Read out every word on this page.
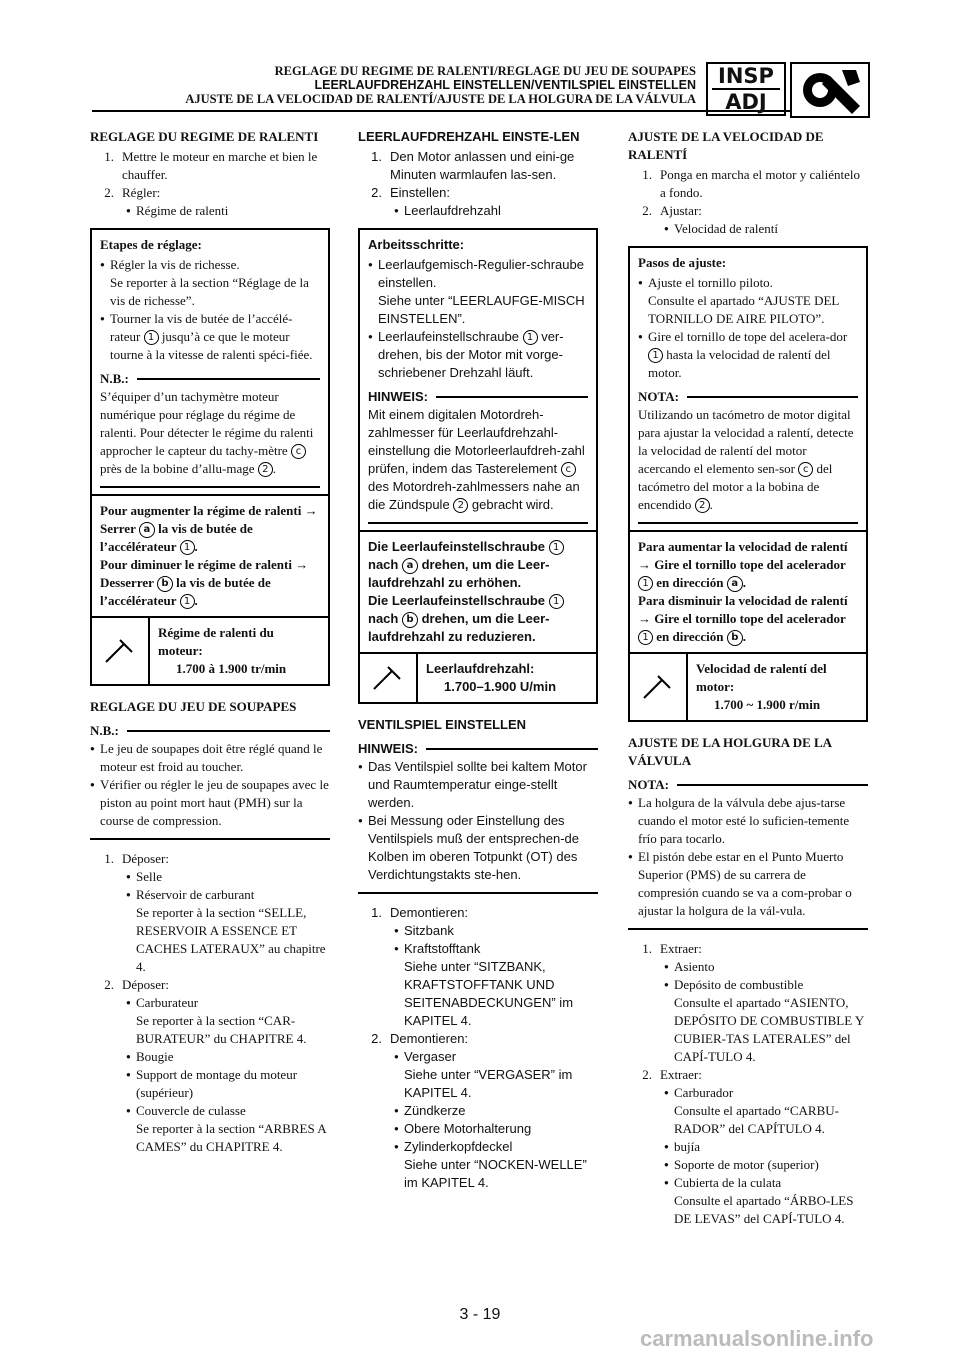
REGLAGE DU REGIME DE RALENTI/REGLAGE DU JEU DE SOUPAPES
LEERLAUFDREHZAHL EINSTELLEN/VENTILSPIEL EINSTELLEN
AJUSTE DE LA VELOCIDAD DE RALENTÍ/AJUSTE DE LA HOLGURA DE LA VÁLVULA
INSP
ADJ
REGLAGE DU REGIME DE RALENTI
1. Mettre le moteur en marche et bien le chauffer.
2. Régler:
●
Régime de ralenti
Etapes de réglage:
●
Régler la vis de richesse.
Se reporter à la section “Réglage de la vis de richesse”.
●
Tourner la vis de butée de l’accélé-rateur 1 jusqu’à ce que le moteur tourne à la vitesse de ralenti spéci-fiée.
N.B.:
S’équiper d’un tachymètre moteur numérique pour réglage du régime de ralenti. Pour détecter le régime du ralenti approcher le capteur du tachy-mètre c près de la bobine d’allu-mage 2 .
Pour augmenter la régime de ralenti → Serrer a la vis de butée de l’accélérateur 1 .
Pour diminuer le régime de ralenti → Desserrer b la vis de butée de l’accélérateur 1 .
Régime de ralenti du moteur:
1.700 à 1.900 tr/min
REGLAGE DU JEU DE SOUPAPES
N.B.:
● Le jeu de soupapes doit être réglé quand le moteur est froid au toucher.
● Vérifier ou régler le jeu de soupapes avec le piston au point mort haut (PMH) sur la course de compression.
1. Déposer:
●
Selle
●
Réservoir de carburant
Se reporter à la section “SELLE, RESERVOIR A ESSENCE ET CACHES LATERAUX” au chapitre 4.
2. Déposer:
●
Carburateur
Se reporter à la section “CAR-BURATEUR” du CHAPITRE 4.
●
Bougie
●
Support de montage du moteur (supérieur)
●
Couvercle de culasse
Se reporter à la section “ARBRES A CAMES” du CHAPITRE 4.
LEERLAUFDREHZAHL EINSTE-LEN
1. Den Motor anlassen und eini-ge Minuten warmlaufen las-sen.
2. Einstellen:
●
Leerlaufdrehzahl
Arbeitsschritte:
●
Leerlaufgemisch-Regulier-schraube einstellen.
Siehe unter “LEERLAUFGE-MISCH EINSTELLEN”.
●
Leerlaufeinstellschraube 1 ver-drehen, bis der Motor mit vorge-schriebener Drehzahl läuft.
HINWEIS:
Mit einem digitalen Motordreh-zahlmesser für Leerlaufdrehzahl-einstellung die Motorleerlaufdreh-zahl prüfen, indem das Tasterelement c des Motordreh-zahlmessers nahe an die Zündspule 2 gebracht wird.
Die Leerlaufeinstellschraube 1 nach a drehen, um die Leer-laufdrehzahl zu erhöhen.
Die Leerlaufeinstellschraube 1 nach b drehen, um die Leer-laufdrehzahl zu reduzieren.
Leerlaufdrehzahl:
1.700–1.900 U/min
VENTILSPIEL EINSTELLEN
HINWEIS:
● Das Ventilspiel sollte bei kaltem Motor und Raumtemperatur einge-stellt werden.
● Bei Messung oder Einstellung des Ventilspiels muß der entsprechen-de Kolben im oberen Totpunkt (OT) des Verdichtungstakts ste-hen.
1. Demontieren:
●
Sitzbank
●
Kraftstofftank
Siehe unter “SITZBANK, KRAFTSTOFFTANK UND SEITENABDECKUNGEN” im KAPITEL 4.
2. Demontieren:
●
Vergaser
Siehe unter “VERGASER” im KAPITEL 4.
●
Zündkerze
●
Obere Motorhalterung
●
Zylinderkopfdeckel
Siehe unter “NOCKEN-WELLE” im KAPITEL 4.
AJUSTE DE LA VELOCIDAD DE RALENTÍ
1. Ponga en marcha el motor y caliéntelo a fondo.
2. Ajustar:
●
Velocidad de ralentí
Pasos de ajuste:
●
Ajuste el tornillo piloto.
Consulte el apartado “AJUSTE DEL TORNILLO DE AIRE PILOTO”.
●
Gire el tornillo de tope del acelera-dor 1 hasta la velocidad de ralentí del motor.
NOTA:
Utilizando un tacómetro de motor digital para ajustar la velocidad a ralentí, detecte la velocidad de ralentí del motor acercando el elemento sen-sor c del tacómetro del motor a la bobina de encendido 2 .
Para aumentar la velocidad de ralentí → Gire el tornillo tope del acelerador 1 en dirección a .
Para disminuir la velocidad de ralentí → Gire el tornillo tope del acelerador 1 en dirección b .
Velocidad de ralentí del motor:
1.700 ~ 1.900 r/min
AJUSTE DE LA HOLGURA DE LA VÁLVULA
NOTA:
● La holgura de la válvula debe ajus-tarse cuando el motor esté lo suficien-temente frío para tocarlo.
● El pistón debe estar en el Punto Muerto Superior (PMS) de su carrera de compresión cuando se va a com-probar o ajustar la holgura de la vál-vula.
1. Extraer:
●
Asiento
●
Depósito de combustible
Consulte el apartado “ASIENTO, DEPÓSITO DE COMBUSTIBLE Y CUBIER-TAS LATERALES” del CAPÍ-TULO 4.
2. Extraer:
●
Carburador
Consulte el apartado “CARBU-RADOR” del CAPÍTULO 4.
●
bujía
●
Soporte de motor (superior)
●
Cubierta de la culata
Consulte el apartado “ÁRBO-LES DE LEVAS” del CAPÍ-TULO 4.
3 - 19
carmanualsonline.info
